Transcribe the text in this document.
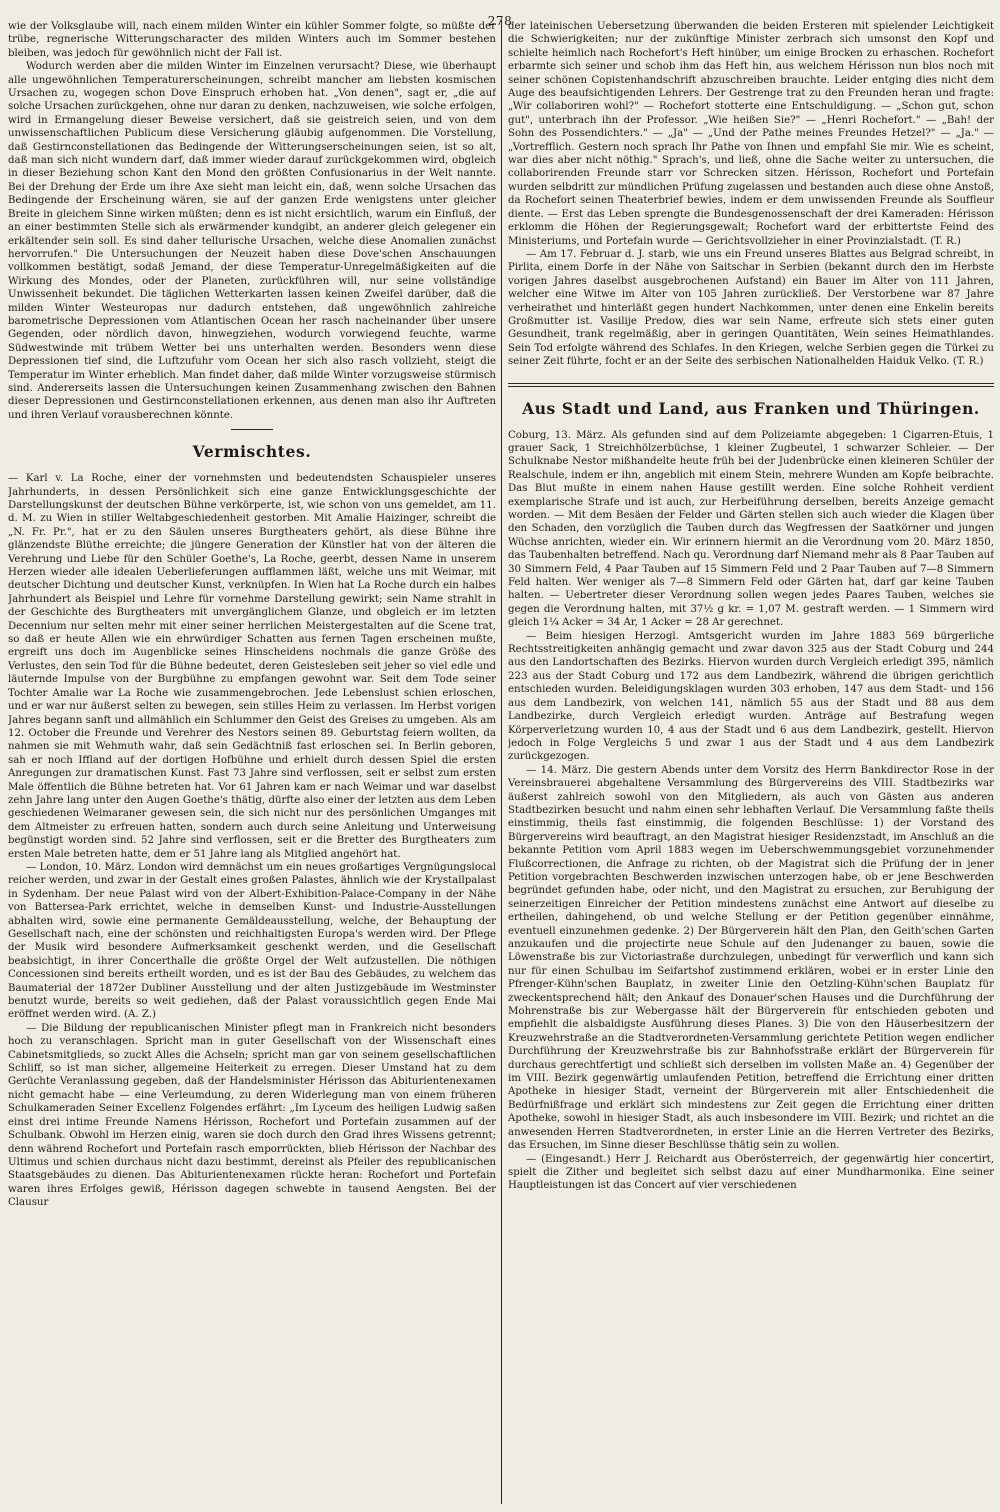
278

wie der Volksglaube will, nach einem milden Winter ein kühler Sommer folgte, so müßte der trübe, regnerische Witterungscharacter des milden Winters auch im Sommer bestehen bleiben, was jedoch für gewöhnlich nicht der Fall ist.

Wodurch werden aber die milden Winter im Einzelnen verursacht? Diese, wie überhaupt alle ungewöhnlichen Temperaturerscheinungen, schreibt mancher am liebsten kosmischen Ursachen zu, wogegen schon Dove Einspruch erhoben hat. „Von denen", sagt er, „die auf solche Ursachen zurückgehen, ohne nur daran zu denken, nachzuweisen, wie solche erfolgen, wird in Ermangelung dieser Beweise versichert, daß sie geistreich seien, und von dem unwissenschaftlichen Publicum diese Versicherung gläubig aufgenommen. Die Vorstellung, daß Gestirnconstellationen das Bedingende der Witterungserscheinungen seien, ist so alt, daß man sich nicht wundern darf, daß immer wieder darauf zurückgekommen wird, obgleich in dieser Beziehung schon Kant den Mond den größten Confusionarius in der Welt nannte. Bei der Drehung der Erde um ihre Axe sieht man leicht ein, daß, wenn solche Ursachen das Bedingende der Erscheinung wären, sie auf der ganzen Erde wenigstens unter gleicher Breite in gleichem Sinne wirken müßten; denn es ist nicht ersichtlich, warum ein Einfluß, der an einer bestimmten Stelle sich als erwärmender kundgibt, an anderer gleich gelegener ein erkältender sein soll. Es sind daher tellurische Ursachen, welche diese Anomalien zunächst hervorrufen." Die Untersuchungen der Neuzeit haben diese Dove'schen Anschauungen vollkommen bestätigt, sodaß Jemand, der diese Temperatur-Unregelmäßigkeiten auf die Wirkung des Mondes, oder der Planeten, zurückführen will, nur seine vollständige Unwissenheit bekundet. Die täglichen Wetterkarten lassen keinen Zweifel darüber, daß die milden Winter Westeuropas nur dadurch entstehen, daß ungewöhnlich zahlreiche barometrische Depressionen vom Atlantischen Ocean her rasch nacheinander über unsere Gegenden, oder nördlich davon, hinwegziehen, wodurch vorwiegend feuchte, warme Südwestwinde mit trübem Wetter bei uns unterhalten werden. Besonders wenn diese Depressionen tief sind, die Luftzufuhr vom Ocean her sich also rasch vollzieht, steigt die Temperatur im Winter erheblich. Man findet daher, daß milde Winter vorzugsweise stürmisch sind. Andererseits lassen die Untersuchungen keinen Zusammenhang zwischen den Bahnen dieser Depressionen und Gestirnconstellationen erkennen, aus denen man also ihr Auftreten und ihren Verlauf vorausberechnen könnte.

Vermischtes.

— Karl v. La Roche, einer der vornehmsten und bedeutendsten Schauspieler unseres Jahrhunderts, in dessen Persönlichkeit sich eine ganze Entwicklungsgeschichte der Darstellungskunst der deutschen Bühne verkörperte, ist, wie schon von uns gemeldet, am 11. d. M. zu Wien in stiller Weltabgeschiedenheit gestorben. Mit Amalie Haizinger, schreibt die „N. Fr. Pr.", hat er zu den Säulen unseres Burgtheaters gehört, als diese Bühne ihre glänzendste Blüthe erreichte; die jüngere Generation der Künstler hat von der älteren die Verehrung und Liebe für den Schüler Goethe's, La Roche, geerbt, dessen Name in unserem Herzen wieder alle idealen Ueberlieferungen aufflammen läßt, welche uns mit Weimar, mit deutscher Dichtung und deutscher Kunst, verknüpfen. In Wien hat La Roche durch ein halbes Jahrhundert als Beispiel und Lehre für vornehme Darstellung gewirkt; sein Name strahlt in der Geschichte des Burgtheaters mit unvergänglichem Glanze, und obgleich er im letzten Decennium nur selten mehr mit einer seiner herrlichen Meistergestalten auf die Scene trat, so daß er heute Allen wie ein ehrwürdiger Schatten aus fernen Tagen erscheinen mußte, ergreift uns doch im Augenblicke seines Hinscheidens nochmals die ganze Größe des Verlustes, den sein Tod für die Bühne bedeutet, deren Geistesleben seit jeher so viel edle und läuternde Impulse von der Burgbühne zu empfangen gewohnt war. Seit dem Tode seiner Tochter Amalie war La Roche wie zusammengebrochen. Jede Lebenslust schien erloschen, und er war nur äußerst selten zu bewegen, sein stilles Heim zu verlassen. Im Herbst vorigen Jahres begann sanft und allmählich ein Schlummer den Geist des Greises zu umgeben. Als am 12. October die Freunde und Verehrer des Nestors seinen 89. Geburtstag feiern wollten, da nahmen sie mit Wehmuth wahr, daß sein Gedächtniß fast erloschen sei. In Berlin geboren, sah er noch Iffland auf der dortigen Hofbühne und erhielt durch dessen Spiel die ersten Anregungen zur dramatischen Kunst. Fast 73 Jahre sind verflossen, seit er selbst zum ersten Male öffentlich die Bühne betreten hat. Vor 61 Jahren kam er nach Weimar und war daselbst zehn Jahre lang unter den Augen Goethe's thätig, dürfte also einer der letzten aus dem Leben geschiedenen Weimaraner gewesen sein, die sich nicht nur des persönlichen Umganges mit dem Altmeister zu erfreuen hatten, sondern auch durch seine Anleitung und Unterweisung begünstigt worden sind. 52 Jahre sind verflossen, seit er die Bretter des Burgtheaters zum ersten Male betreten hatte, dem er 51 Jahre lang als Mitglied angehört hat.

— London, 10. März. London wird demnächst um ein neues großartiges Vergnügungslocal reicher werden, und zwar in der Gestalt eines großen Palastes, ähnlich wie der Krystallpalast in Sydenham. Der neue Palast wird von der Albert-Exhibition-Palace-Company in der Nähe von Battersea-Park errichtet, welche in demselben Kunst- und Industrie-Ausstellungen abhalten wird, sowie eine permanente Gemäldeausstellung, welche, der Behauptung der Gesellschaft nach, eine der schönsten und reichhaltigsten Europa's werden wird. Der Pflege der Musik wird besondere Aufmerksamkeit geschenkt werden, und die Gesellschaft beabsichtigt, in ihrer Concerthalle die größte Orgel der Welt aufzustellen. Die nöthigen Concessionen sind bereits ertheilt worden, und es ist der Bau des Gebäudes, zu welchem das Baumaterial der 1872er Dubliner Ausstellung und der alten Justizgebäude im Westminster benutzt wurde, bereits so weit gediehen, daß der Palast voraussichtlich gegen Ende Mai eröffnet werden wird. (A. Z.)

— Die Bildung der republicanischen Minister pflegt man in Frankreich nicht besonders hoch zu veranschlagen. Spricht man in guter Gesellschaft von der Wissenschaft eines Cabinetsmitglieds, so zuckt Alles die Achseln; spricht man gar von seinem gesellschaftlichen Schliff, so ist man sicher, allgemeine Heiterkeit zu erregen. Dieser Umstand hat zu dem Gerüchte Veranlassung gegeben, daß der Handelsminister Hérisson das Abiturientenexamen nicht gemacht habe — eine Verleumdung, zu deren Widerlegung man von einem früheren Schulkameraden Seiner Excellenz Folgendes erfährt: „Im Lyceum des heiligen Ludwig saßen einst drei intime Freunde Namens Hérisson, Rochefort und Portefain zusammen auf der Schulbank. Obwohl im Herzen einig, waren sie doch durch den Grad ihres Wissens getrennt; denn während Rochefort und Portefain rasch emporrückten, blieb Hérisson der Nachbar des Ultimus und schien durchaus nicht dazu bestimmt, dereinst als Pfeiler des republicanischen Staatsgebäudes zu dienen. Das Abiturientenexamen rückte heran: Rochefort und Portefain waren ihres Erfolges gewiß, Hérisson dagegen schwebte in tausend Aengsten. Bei der Clausur

der lateinischen Uebersetzung überwanden die beiden Ersteren mit spielender Leichtigkeit die Schwierigkeiten; nur der zukünftige Minister zerbrach sich umsonst den Kopf und schielte heimlich nach Rochefort's Heft hinüber, um einige Brocken zu erhaschen. Rochefort erbarmte sich seiner und schob ihm das Heft hin, aus welchem Hérisson nun blos noch mit seiner schönen Copistenhandschrift abzuschreiben brauchte. Leider entging dies nicht dem Auge des beaufsichtigenden Lehrers. Der Gestrenge trat zu den Freunden heran und fragte: „Wir collaboriren wohl?" — Rochefort stotterte eine Entschuldigung. — „Schon gut, schon gut", unterbrach ihn der Professor. „Wie heißen Sie?" — „Henri Rochefort." — „Bah! der Sohn des Possendichters." — „Ja" — „Und der Pathe meines Freundes Hetzel?" — „Ja." — „Vortrefflich. Gestern noch sprach Ihr Pathe von Ihnen und empfahl Sie mir. Wie es scheint, war dies aber nicht nöthig." Sprach's, und ließ, ohne die Sache weiter zu untersuchen, die collaborirenden Freunde starr vor Schrecken sitzen. Hérisson, Rochefort und Portefain wurden selbdritt zur mündlichen Prüfung zugelassen und bestanden auch diese ohne Anstoß, da Rochefort seinen Theaterbrief bewies, indem er dem unwissenden Freunde als Souffleur diente. — Erst das Leben sprengte die Bundesgenossenschaft der drei Kameraden: Hérisson erklomm die Höhen der Regierungsgewalt; Rochefort ward der erbittertste Feind des Ministeriums, und Portefain wurde — Gerichtsvollzieher in einer Provinzialstadt. (T. R.)

— Am 17. Februar d. J. starb, wie uns ein Freund unseres Blattes aus Belgrad schreibt, in Pirlita, einem Dorfe in der Nähe von Saitschar in Serbien (bekannt durch den im Herbste vorigen Jahres daselbst ausgebrochenen Aufstand) ein Bauer im Alter von 111 Jahren, welcher eine Witwe im Alter von 105 Jahren zurückließ. Der Verstorbene war 87 Jahre verheirathet und hinterläßt gegen hundert Nachkommen, unter denen eine Enkelin bereits Großmutter ist. Vasilije Predow, dies war sein Name, erfreute sich stets einer guten Gesundheit, trank regelmäßig, aber in geringen Quantitäten, Wein seines Heimathlandes. Sein Tod erfolgte während des Schlafes. In den Kriegen, welche Serbien gegen die Türkei zu seiner Zeit führte, focht er an der Seite des serbischen Nationalhelden Haiduk Velko. (T. R.)

Aus Stadt und Land, aus Franken und Thüringen.

Coburg, 13. März. Als gefunden sind auf dem Polizeiamte abgegeben: 1 Cigarren-Etuis, 1 grauer Sack, 1 Streichhölzerbüchse, 1 kleiner Zugbeutel, 1 schwarzer Schleier. — Der Schulknabe Nestor mißhandelte heute früh bei der Judenbrücke einen kleineren Schüler der Realschule, indem er ihn, angeblich mit einem Stein, mehrere Wunden am Kopfe beibrachte. Das Blut mußte in einem nahen Hause gestillt werden. Eine solche Rohheit verdient exemplarische Strafe und ist auch, zur Herbeiführung derselben, bereits Anzeige gemacht worden. — Mit dem Besäen der Felder und Gärten stellen sich auch wieder die Klagen über den Schaden, den vorzüglich die Tauben durch das Wegfressen der Saatkörner und jungen Wüchse anrichten, wieder ein. Wir erinnern hiermit an die Verordnung vom 20. März 1850, das Taubenhalten betreffend. Nach qu. Verordnung darf Niemand mehr als 8 Paar Tauben auf 30 Simmern Feld, 4 Paar Tauben auf 15 Simmern Feld und 2 Paar Tauben auf 7—8 Simmern Feld halten. Wer weniger als 7—8 Simmern Feld oder Gärten hat, darf gar keine Tauben halten. — Uebertreter dieser Verordnung sollen wegen jedes Paares Tauben, welches sie gegen die Verordnung halten, mit 37½ g kr. = 1,07 M. gestraft werden. — 1 Simmern wird gleich 1¼ Acker = 34 Ar, 1 Acker = 28 Ar gerechnet.

— Beim hiesigen Herzogl. Amtsgericht wurden im Jahre 1883 569 bürgerliche Rechtsstreitigkeiten anhängig gemacht und zwar davon 325 aus der Stadt Coburg und 244 aus den Landortschaften des Bezirks. Hiervon wurden durch Vergleich erledigt 395, nämlich 223 aus der Stadt Coburg und 172 aus dem Landbezirk, während die übrigen gerichtlich entschieden wurden. Beleidigungsklagen wurden 303 erhoben, 147 aus dem Stadt- und 156 aus dem Landbezirk, von welchen 141, nämlich 55 aus der Stadt und 88 aus dem Landbezirke, durch Vergleich erledigt wurden. Anträge auf Bestrafung wegen Körperverletzung wurden 10, 4 aus der Stadt und 6 aus dem Landbezirk, gestellt. Hiervon jedoch in Folge Vergleichs 5 und zwar 1 aus der Stadt und 4 aus dem Landbezirk zurückgezogen.

— 14. März. Die gestern Abends unter dem Vorsitz des Herrn Bankdirector Rose in der Vereinsbrauerei abgehaltene Versammlung des Bürgervereins des VIII. Stadtbezirks war äußerst zahlreich sowohl von den Mitgliedern, als auch von Gästen aus anderen Stadtbezirken besucht und nahm einen sehr lebhaften Verlauf. Die Versammlung faßte theils einstimmig, theils fast einstimmig, die folgenden Beschlüsse: 1) der Vorstand des Bürgervereins wird beauftragt, an den Magistrat hiesiger Residenzstadt, im Anschluß an die bekannte Petition vom April 1883 wegen im Ueberschwemmungsgebiet vorzunehmender Flußcorrectionen, die Anfrage zu richten, ob der Magistrat sich die Prüfung der in jener Petition vorgebrachten Beschwerden inzwischen unterzogen habe, ob er jene Beschwerden begründet gefunden habe, oder nicht, und den Magistrat zu ersuchen, zur Beruhigung der seinerzeitigen Einreicher der Petition mindestens zunächst eine Antwort auf dieselbe zu ertheilen, dahingehend, ob und welche Stellung er der Petition gegenüber einnähme, eventuell einzunehmen gedenke. 2) Der Bürgerverein hält den Plan, den Geith'schen Garten anzukaufen und die projectirte neue Schule auf den Judenanger zu bauen, sowie die Löwenstraße bis zur Victoriastraße durchzulegen, unbedingt für verwerflich und kann sich nur für einen Schulbau im Seifartshof zustimmend erklären, wobei er in erster Linie den Pfrenger-Kühn'schen Bauplatz, in zweiter Linie den Oetzling-Kühn'schen Bauplatz für zweckentsprechend hält; den Ankauf des Donauer'schen Hauses und die Durchführung der Mohrenstraße bis zur Webergasse hält der Bürgerverein für entschieden geboten und empfiehlt die alsbaldigste Ausführung dieses Planes. 3) Die von den Häuserbesitzern der Kreuzwehrstraße an die Stadtverordneten-Versammlung gerichtete Petition wegen endlicher Durchführung der Kreuzwehrstraße bis zur Bahnhofsstraße erklärt der Bürgerverein für durchaus gerechtfertigt und schließt sich derselben im vollsten Maße an. 4) Gegenüber der im VIII. Bezirk gegenwärtig umlaufenden Petition, betreffend die Errichtung einer dritten Apotheke in hiesiger Stadt, verneint der Bürgerverein mit aller Entschiedenheit die Bedürfnißfrage und erklärt sich mindestens zur Zeit gegen die Errichtung einer dritten Apotheke, sowohl in hiesiger Stadt, als auch insbesondere im VIII. Bezirk; und richtet an die anwesenden Herren Stadtverordneten, in erster Linie an die Herren Vertreter des Bezirks, das Ersuchen, im Sinne dieser Beschlüsse thätig sein zu wollen.

— (Eingesandt.) Herr J. Reichardt aus Oberösterreich, der gegenwärtig hier concertirt, spielt die Zither und begleitet sich selbst dazu auf einer Mundharmonika. Eine seiner Hauptleistungen ist das Concert auf vier verschiedenen
